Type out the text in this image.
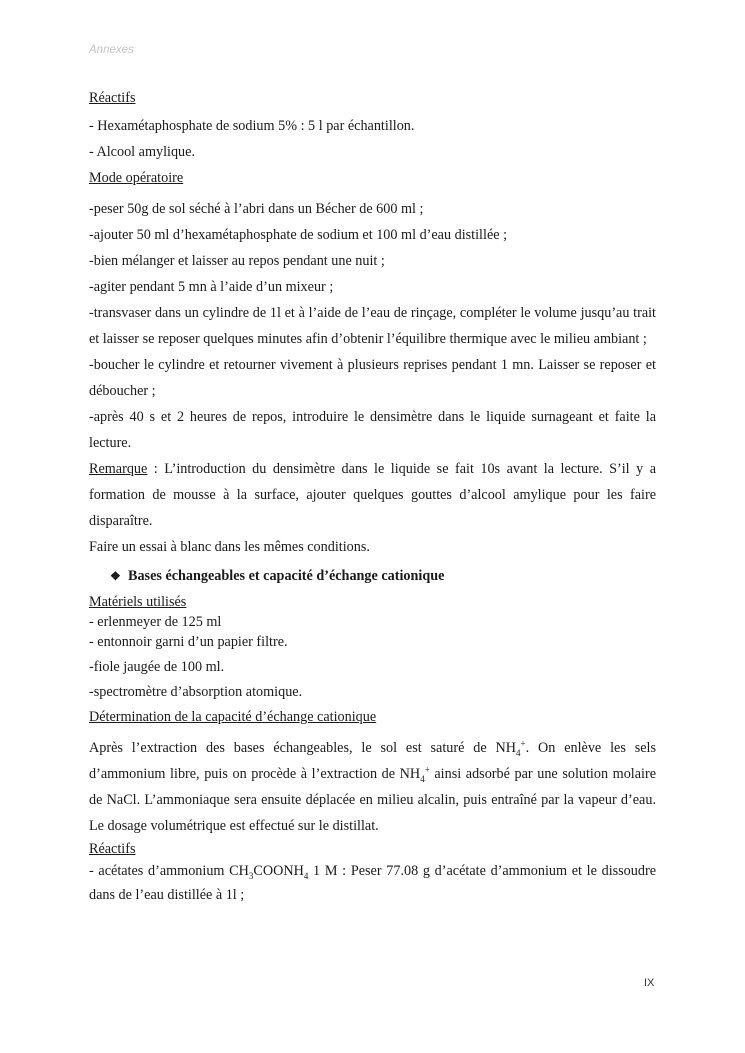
Annexes

Réactifs

- Hexamétaphosphate de sodium 5% : 5 l par échantillon.

- Alcool amylique.

Mode opératoire

-peser 50g de sol séché à l’abri dans un Bécher de 600 ml ;

-ajouter 50 ml d’hexamétaphosphate de sodium et 100 ml d’eau distillée ;

-bien mélanger et laisser au repos pendant une nuit ;

-agiter pendant 5 mn à l’aide d’un mixeur ;

-transvaser dans un cylindre de 1l et à l’aide de l’eau de rinçage, compléter le volume jusqu’au trait et laisser se reposer quelques minutes afin d’obtenir l’équilibre thermique avec le milieu ambiant ;

-boucher le cylindre et retourner vivement à plusieurs reprises pendant 1 mn. Laisser se reposer et déboucher ;

-après 40 s et 2 heures de repos, introduire le densimètre dans le liquide surnageant et faite la lecture.

Remarque : L’introduction du densimètre dans le liquide se fait 10s avant la lecture. S’il y a formation de mousse à la surface, ajouter quelques gouttes d’alcool amylique pour les faire disparaître.

Faire un essai à blanc dans les mêmes conditions.

❖ Bases échangeables et capacité d’échange cationique

Matériels utilisés

- erlenmeyer de 125 ml

- entonnoir garni d’un papier filtre.

-fiole jaugée de 100 ml.

-spectromètre d’absorption atomique.

Détermination de la capacité d’échange cationique

Après l’extraction des bases échangeables, le sol est saturé de $NH_4^+$. On enlève les sels d’ammonium libre, puis on procède à l’extraction de $NH_4^+$ ainsi adsorbé par une solution molaire de NaCl. L’ammoniaque sera ensuite déplacée en milieu alcalin, puis entraîné par la vapeur d’eau. Le dosage volumétrique est effectué sur le distillat.

Réactifs

- acétates d’ammonium $CH_3COONH_4$ 1 M : Peser 77.08 g d’acétate d’ammonium et le dissoudre dans de l’eau distillée à 1l ;

IX
